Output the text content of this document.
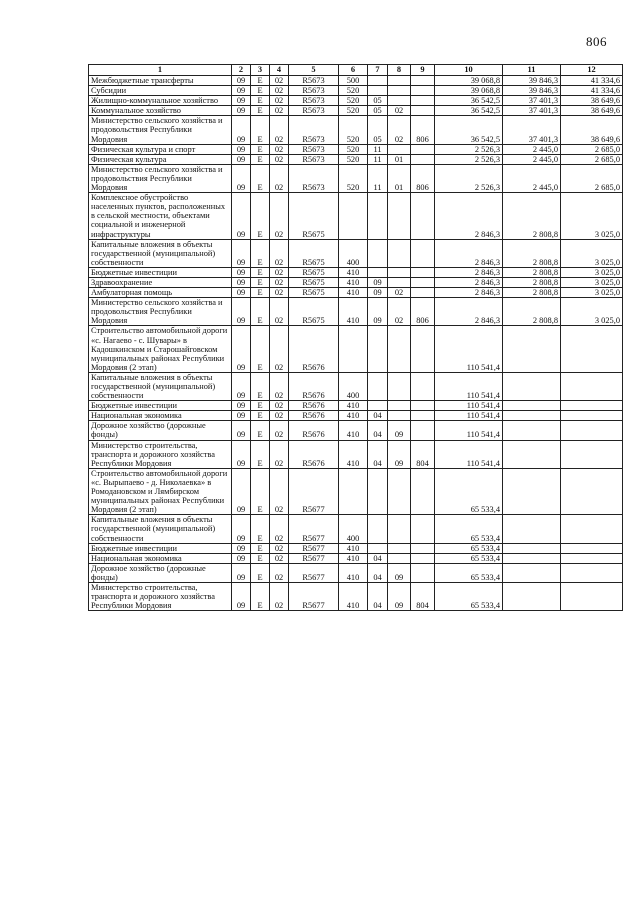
806
1	2	3	4	5	6	7	8	9	10	11	12
Межбюджетные трансферты	09	Е	02	R5673	500				39 068,8	39 846,3	41 334,6
Субсидии	09	Е	02	R5673	520				39 068,8	39 846,3	41 334,6
Жилищно-коммунальное хозяйство	09	Е	02	R5673	520	05			36 542,5	37 401,3	38 649,6
Коммунальное хозяйство	09	Е	02	R5673	520	05	02		36 542,5	37 401,3	38 649,6
Министерство сельского хозяйства и продовольствия Республики Мордовия	09	Е	02	R5673	520	05	02	806	36 542,5	37 401,3	38 649,6
Физическая культура и спорт	09	Е	02	R5673	520	11			2 526,3	2 445,0	2 685,0
Физическая культура	09	Е	02	R5673	520	11	01		2 526,3	2 445,0	2 685,0
Министерство сельского хозяйства и продовольствия Республики Мордовия	09	Е	02	R5673	520	11	01	806	2 526,3	2 445,0	2 685,0
Комплексное обустройство населенных пунктов, расположенных в сельской местности, объектами социальной и инженерной инфраструктуры	09	Е	02	R5675					2 846,3	2 808,8	3 025,0
Капитальные вложения в объекты государственной (муниципальной) собственности	09	Е	02	R5675	400				2 846,3	2 808,8	3 025,0
Бюджетные инвестиции	09	Е	02	R5675	410				2 846,3	2 808,8	3 025,0
Здравоохранение	09	Е	02	R5675	410	09			2 846,3	2 808,8	3 025,0
Амбулаторная помощь	09	Е	02	R5675	410	09	02		2 846,3	2 808,8	3 025,0
Министерство сельского хозяйства и продовольствия Республики Мордовия	09	Е	02	R5675	410	09	02	806	2 846,3	2 808,8	3 025,0
Строительство автомобильной дороги «с. Нагаево - с. Шувары» в Кадошкинском и Старошайговском муниципальных районах Республики Мордовия (2 этап)	09	Е	02	R5676					110 541,4		
Капитальные вложения в объекты государственной (муниципальной) собственности	09	Е	02	R5676	400				110 541,4		
Бюджетные инвестиции	09	Е	02	R5676	410				110 541,4		
Национальная экономика	09	Е	02	R5676	410	04			110 541,4		
Дорожное хозяйство (дорожные фонды)	09	Е	02	R5676	410	04	09		110 541,4		
Министерство строительства, транспорта и дорожного хозяйства Республики Мордовия	09	Е	02	R5676	410	04	09	804	110 541,4		
Строительство автомобильной дороги «с. Вырыпаево - д. Николаевка» в Ромодановском и Лямбирском муниципальных районах Республики Мордовия (2 этап)	09	Е	02	R5677					65 533,4		
Капитальные вложения в объекты государственной (муниципальной) собственности	09	Е	02	R5677	400				65 533,4		
Бюджетные инвестиции	09	Е	02	R5677	410				65 533,4		
Национальная экономика	09	Е	02	R5677	410	04			65 533,4		
Дорожное хозяйство (дорожные фонды)	09	Е	02	R5677	410	04	09		65 533,4		
Министерство строительства, транспорта и дорожного хозяйства Республики Мордовия	09	Е	02	R5677	410	04	09	804	65 533,4		
